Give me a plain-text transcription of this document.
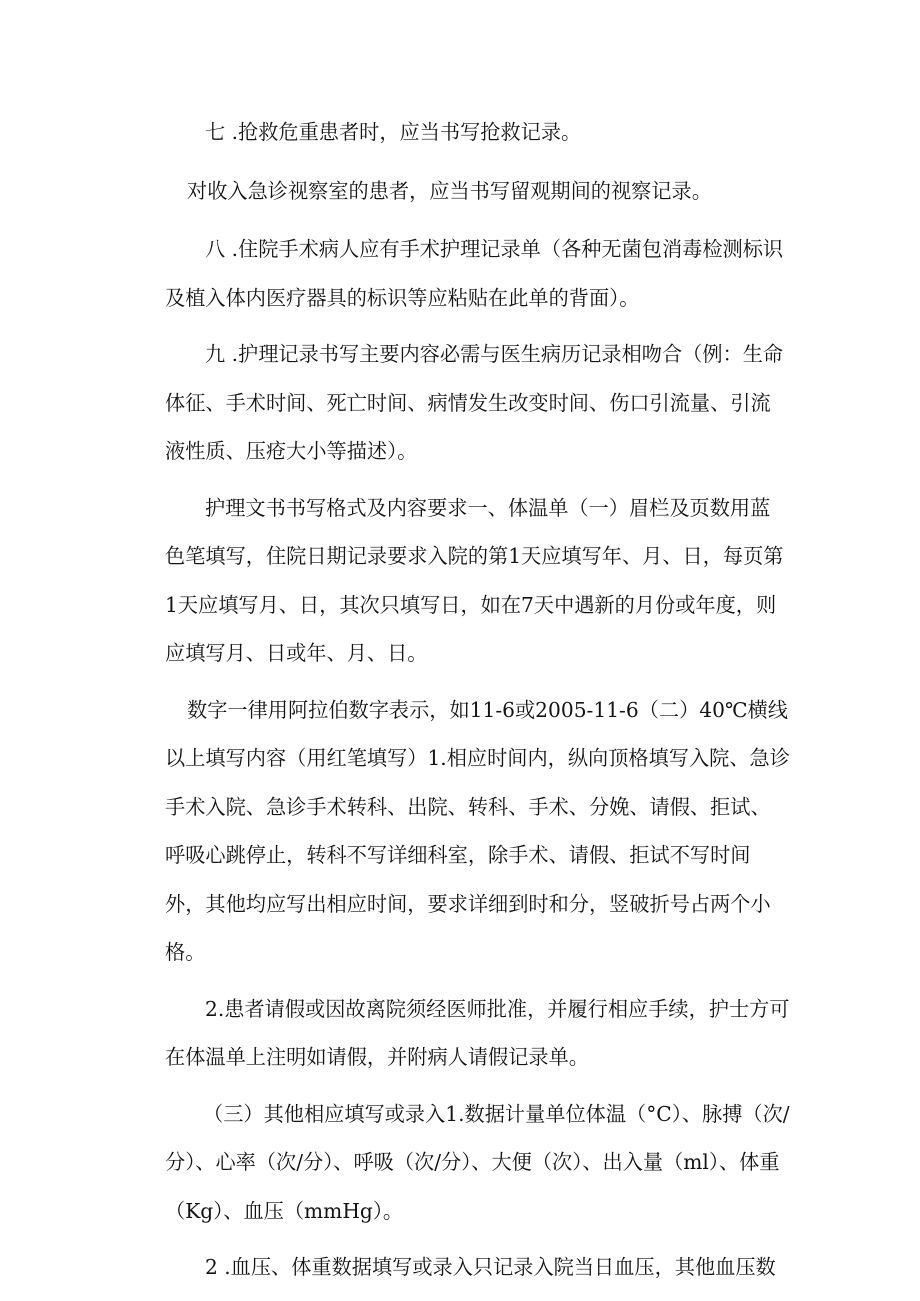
七 .抢救危重患者时，应当书写抢救记录。

对收入急诊视察室的患者，应当书写留观期间的视察记录。

八 .住院手术病人应有手术护理记录单（各种无菌包消毒检测标识及植入体内医疗器具的标识等应粘贴在此单的背面）。

九 .护理记录书写主要内容必需与医生病历记录相吻合（例：生命体征、手术时间、死亡时间、病情发生改变时间、伤口引流量、引流液性质、压疮大小等描述）。

护理文书书写格式及内容要求一、体温单（一）眉栏及页数用蓝色笔填写，住院日期记录要求入院的第1天应填写年、月、日，每页第1天应填写月、日，其次只填写日，如在7天中遇新的月份或年度，则应填写月、日或年、月、日。

数字一律用阿拉伯数字表示，如11-6或2005-11-6（二）40℃横线以上填写内容（用红笔填写）1.相应时间内，纵向顶格填写入院、急诊手术入院、急诊手术转科、出院、转科、手术、分娩、请假、拒试、呼吸心跳停止，转科不写详细科室，除手术、请假、拒试不写时间外，其他均应写出相应时间，要求详细到时和分，竖破折号占两个小格。

2.患者请假或因故离院须经医师批准，并履行相应手续，护士方可在体温单上注明如请假，并附病人请假记录单。

（三）其他相应填写或录入1.数据计量单位体温（°C）、脉搏（次/分）、心率（次/分）、呼吸（次/分）、大便（次）、出入量（ml）、体重（Kg）、血压（mmHg）。

2 .血压、体重数据填写或录入只记录入院当日血压，其他血压数
